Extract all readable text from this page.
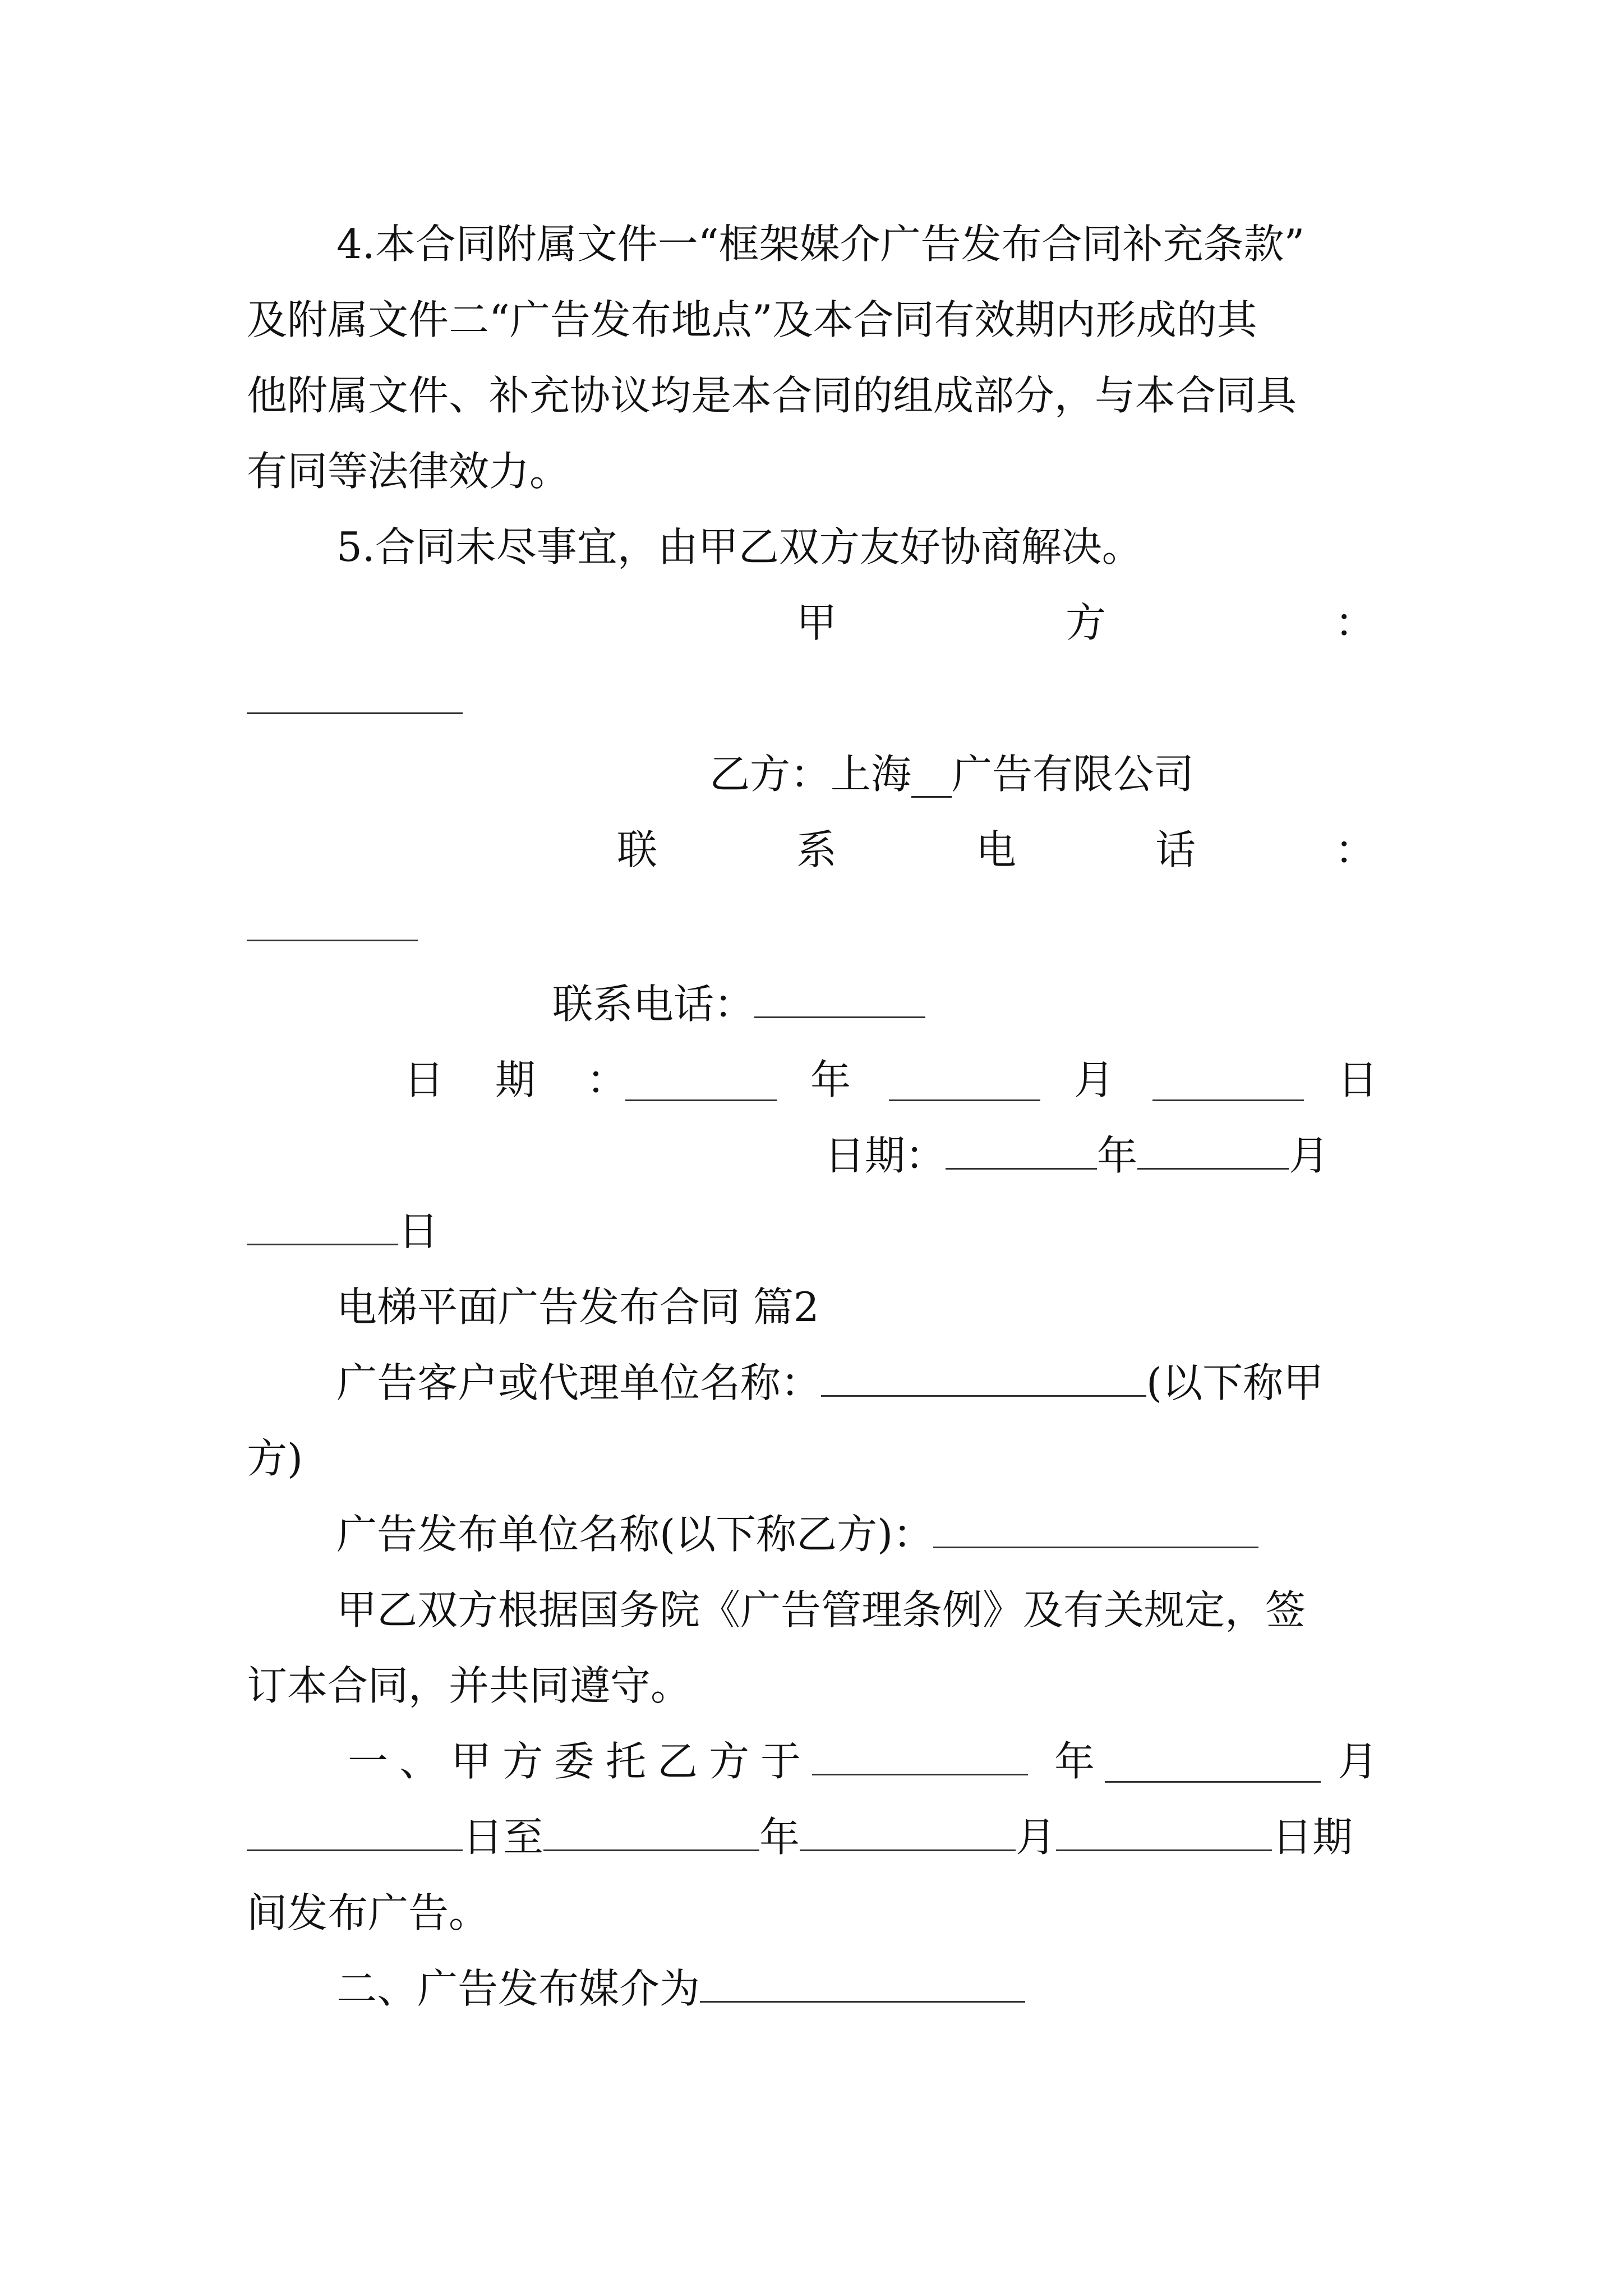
4.本合同附属文件一“框架媒介广告发布合同补充条款”
及附属文件二“广告发布地点”及本合同有效期内形成的其
他附属文件、补充协议均是本合同的组成部分，与本合同具
有同等法律效力。
5.合同未尽事宜，由甲乙双方友好协商解决。
甲	方	：
乙方：上海__广告有限公司
联	系	电	话	：
联系电话：
日 期 ：	年	月	日
日期：	年	月
日
电梯平面广告发布合同 篇2
广告客户或代理单位名称：	(以下称甲
方)
广告发布单位名称(以下称乙方)：
甲乙双方根据国务院《广告管理条例》及有关规定，签
订本合同，并共同遵守。
一、甲方委托乙方于	年	月
日至	年	月	日期
间发布广告。
二、广告发布媒介为
